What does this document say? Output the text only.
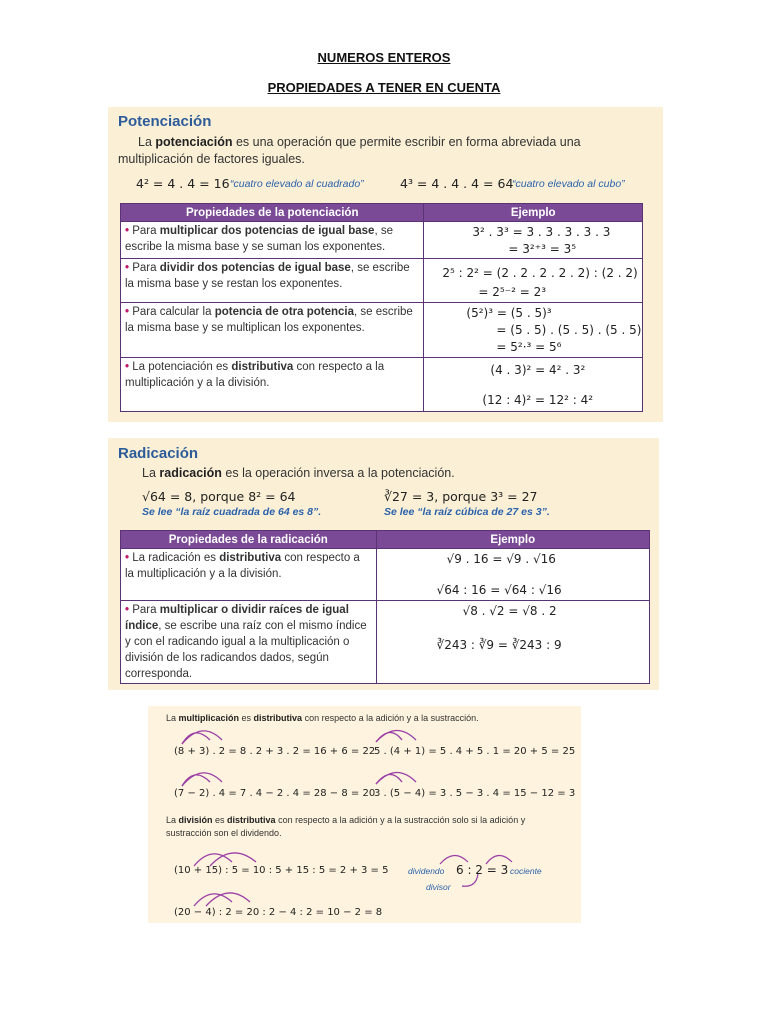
NUMEROS ENTEROS
PROPIEDADES A TENER EN CUENTA
Potenciación
La potenciación es una operación que permite escribir en forma abreviada una multiplicación de factores iguales.
4² = 4 . 4 = 16 “cuatro elevado al cuadrado”	4³ = 4 . 4 . 4 = 64
“cuatro elevado al cubo”
Propiedades de la potenciación	Ejemplo
• Para multiplicar dos potencias de igual base, se escribe la misma base y se suman los exponentes.	3² . 3³ = 3 . 3 . 3 . 3 . 3
= 3²⁺³ = 3⁵

• Para dividir dos potencias de igual base, se escribe la misma base y se restan los exponentes.	2⁵ : 2² = (2 . 2 . 2 . 2 . 2) : (2 . 2)
= 2⁵⁻² = 2³

• Para calcular la potencia de otra potencia, se escribe la misma base y se multiplican los exponentes.	(5²)³ = (5 . 5)³
= (5 . 5) . (5 . 5) . (5 . 5)
= 5²·³ = 5⁶

• La potenciación es distributiva con respecto a la multiplicación y a la división.	(4 . 3)² = 4² . 3²
(12 : 4)² = 12² : 4²
Radicación
La radicación es la operación inversa a la potenciación.
√64 = 8, porque 8² = 64
Se lee “la raíz cuadrada de 64 es 8”.
∛27 = 3, porque 3³ = 27
Se lee “la raíz cúbica de 27 es 3”.
Propiedades de la radicación	Ejemplo
• La radicación es distributiva con respecto a la multiplicación y a la división.	√9 . 16 = √9 . √16
√64 : 16 = √64 : √16

• Para multiplicar o dividir raíces de igual índice, se escribe una raíz con el mismo índice y con el radicando igual a la multiplicación o división de los radicandos dados, según corresponda.	√8 . √2 = √8 . 2
∛243 : ∛9 = ∛243 : 9
La multiplicación es distributiva con respecto a la adición y a la sustracción.
(8 + 3) . 2 = 8 . 2 + 3 . 2 = 16 + 6 = 22
5 . (4 + 1) = 5 . 4 + 5 . 1 = 20 + 5 = 25
(7 − 2) . 4 = 7 . 4 − 2 . 4 = 28 − 8 = 20
3 . (5 − 4) = 3 . 5 − 3 . 4 = 15 − 12 = 3
La división es distributiva con respecto a la adición y a la sustracción solo si la adición y sustracción son el dividendo.
(10 + 15) : 5 = 10 : 5 + 15 : 5 = 2 + 3 = 5
(20 − 4) : 2 = 20 : 2 − 4 : 2 = 10 − 2 = 8
dividendo 6 : 2 = 3
divisor
cociente
